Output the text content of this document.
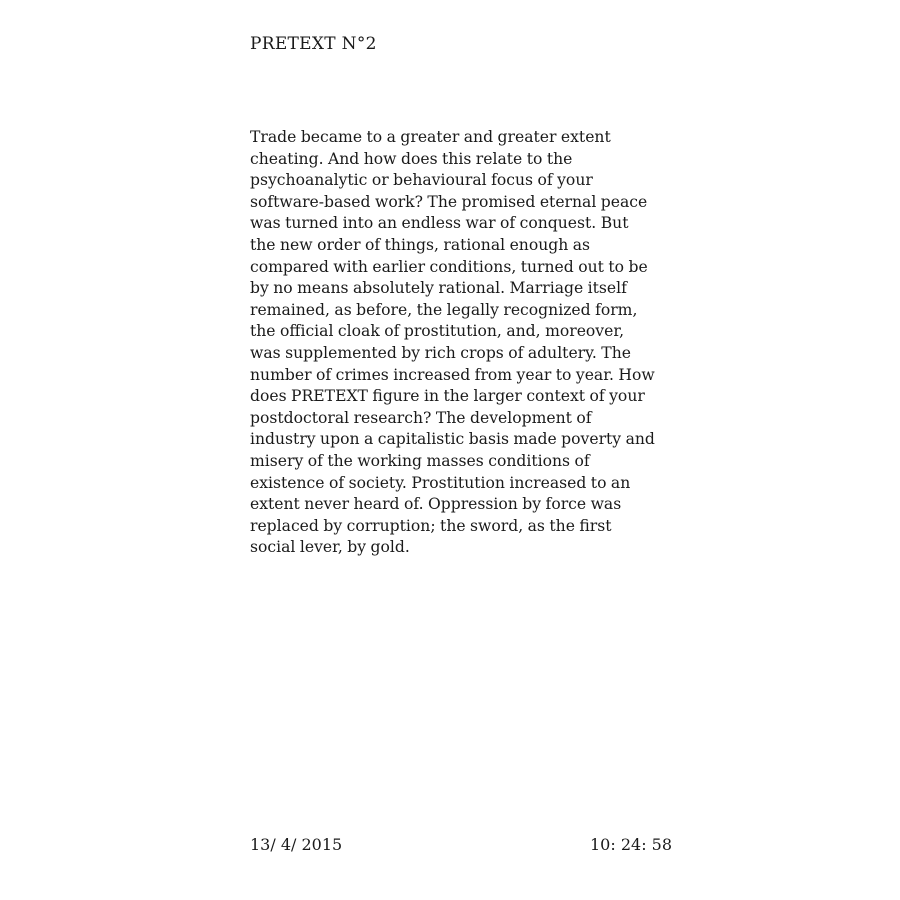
PRETEXT N°2

Trade became to a greater and greater extent cheating. And how does this relate to the psychoanalytic or behavioural focus of your software-based work? The promised eternal peace was turned into an endless war of conquest. But the new order of things, rational enough as compared with earlier conditions, turned out to be by no means absolutely rational. Marriage itself remained, as before, the legally recognized form, the official cloak of prostitution, and, moreover, was supplemented by rich crops of adultery. The number of crimes increased from year to year. How does PRETEXT figure in the larger context of your postdoctoral research? The development of industry upon a capitalistic basis made poverty and misery of the working masses conditions of existence of society. Prostitution increased to an extent never heard of. Oppression by force was replaced by corruption; the sword, as the first social lever, by gold.

13/ 4/ 2015	10: 24: 58
